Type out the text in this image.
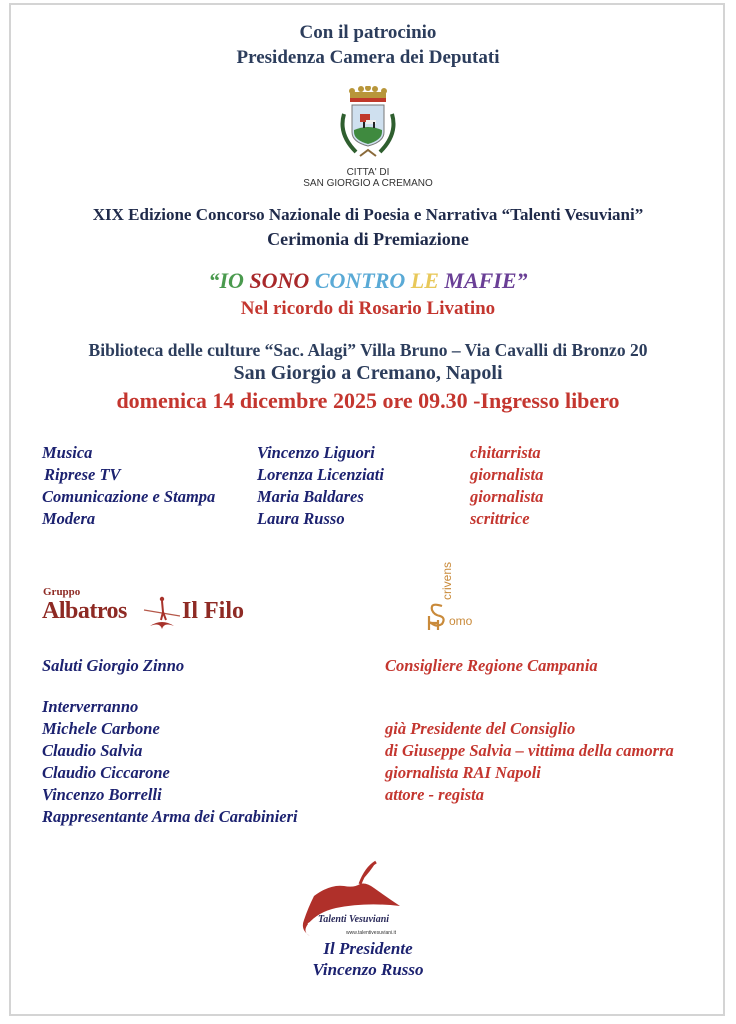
Con il patrocinio
Presidenza Camera dei Deputati
CITTA' DI
SAN GIORGIO A CREMANO
XIX Edizione Concorso Nazionale di Poesia e Narrativa “Talenti Vesuviani”
Cerimonia di Premiazione
“IO SONO CONTRO LE MAFIE”
Nel ricordo di Rosario Livatino
Biblioteca delle culture “Sac. Alagi” Villa Bruno – Via Cavalli di Bronzo 20
San Giorgio a Cremano, Napoli
domenica 14 dicembre 2025 ore 09.30 -Ingresso libero
Musica	Vincenzo Liguori	chitarrista
Riprese TV	Lorenza Licenziati	giornalista
Comunicazione e Stampa	Maria Baldares	giornalista
Modera	Laura Russo	scrittrice
Gruppo
Albatros Il Filo	omo
Saluti Giorgio Zinno	Consigliere Regione Campania
Interverranno
Michele Carbone	già Presidente del Consiglio
Claudio Salvia	di Giuseppe Salvia – vittima della camorra
Claudio Ciccarone	giornalista RAI Napoli
Vincenzo Borrelli	attore - regista
Rappresentante Arma dei Carabinieri
Talenti Vesuviani
www.talentivesuviani.it
Il Presidente
Vincenzo Russo
